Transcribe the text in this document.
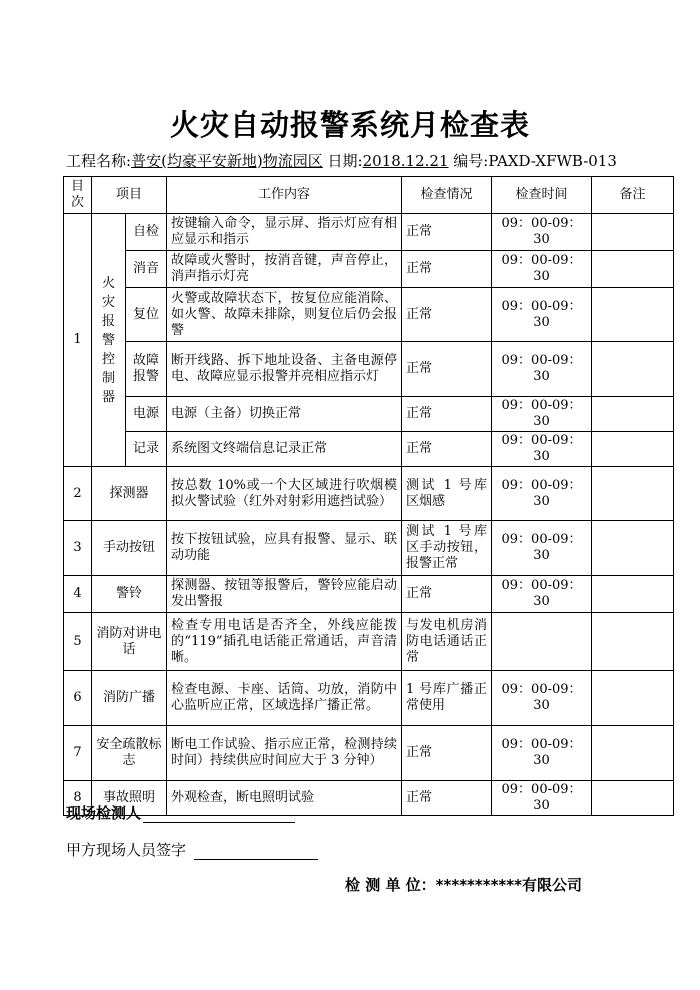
火灾自动报警系统月检查表
工程名称:普安(均豪平安新地)物流园区 日期:2018.12.21 编号:PAXD-XFWB-013
目次	项目		工作内容	检查情况	检查时间	备注
1	火灾报警控制器	自检	按键输入命令，显示屏、指示灯应有相应显示和指示	正常	09：00-09：30	
		消音	故障或火警时，按消音键，声音停止，消声指示灯亮	正常	09：00-09：30	
		复位	火警或故障状态下，按复位应能消除、如火警、故障未排除，则复位后仍会报警	正常	09：00-09：30	
		故障报警	断开线路、拆下地址设备、主备电源停电、故障应显示报警并亮相应指示灯	正常	09：00-09：30	
		电源	电源（主备）切换正常	正常	09：00-09：30	
		记录	系统图文终端信息记录正常	正常	09：00-09：30	
2	探测器		按总数 10%或一个大区域进行吹烟模拟火警试验（红外对射彩用遮挡试验）	测试 1 号库区烟感	09：00-09：30	
3	手动按钮		按下按钮试验，应具有报警、显示、联动功能	测试 1 号库区手动按钮，报警正常	09：00-09：30	
4	警铃		探测器、按钮等报警后，警铃应能启动发出警报	正常	09：00-09：30	
5	消防对讲电话		检查专用电话是否齐全，外线应能拨的“119”插孔电话能正常通话，声音清晰。	与发电机房消防电话通话正常		
6	消防广播		检查电源、卡座、话筒、功放，消防中心监听应正常，区域选择广播正常。	1 号库广播正常使用	09：00-09：30	
7	安全疏散标志		断电工作试验、指示应正常，检测持续时间）持续供应时间应大于 3 分钟）	正常	09：00-09：30	
8	事故照明		外观检查，断电照明试验	正常	09：00-09：30	
现场检测人
甲方现场人员签字
检 测 单 位：***********有限公司
